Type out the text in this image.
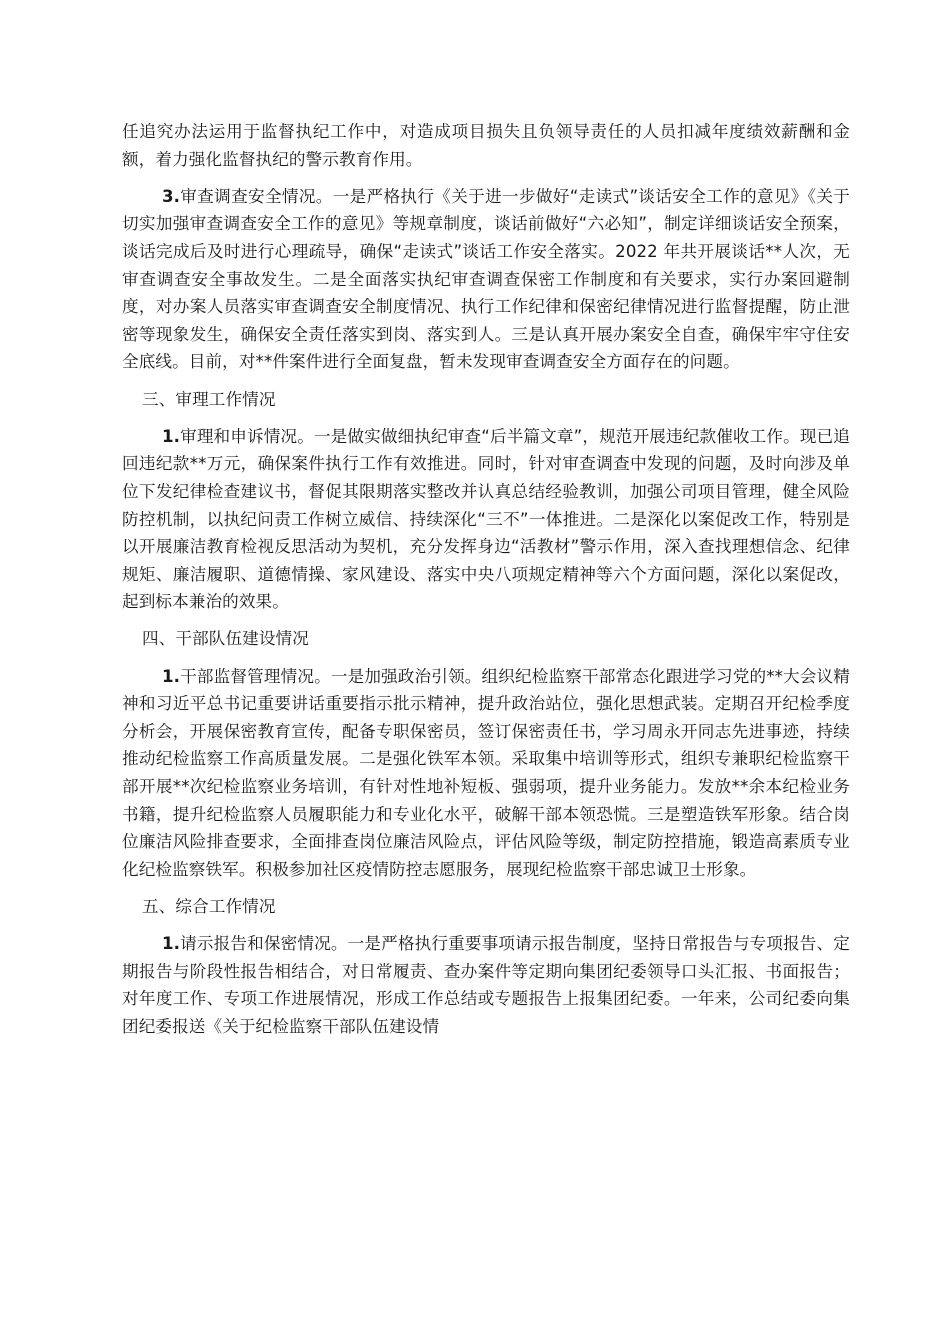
任追究办法运用于监督执纪工作中，对造成项目损失且负领导责任的人员扣减年度绩效薪酬和金额，着力强化监督执纪的警示教育作用。

3.审查调查安全情况。一是严格执行《关于进一步做好“走读式”谈话安全工作的意见》《关于切实加强审查调查安全工作的意见》等规章制度，谈话前做好“六必知”，制定详细谈话安全预案，谈话完成后及时进行心理疏导，确保“走读式”谈话工作安全落实。2022 年共开展谈话**人次，无审查调查安全事故发生。二是全面落实执纪审查调查保密工作制度和有关要求，实行办案回避制度，对办案人员落实审查调查安全制度情况、执行工作纪律和保密纪律情况进行监督提醒，防止泄密等现象发生，确保安全责任落实到岗、落实到人。三是认真开展办案安全自查，确保牢牢守住安全底线。目前，对**件案件进行全面复盘，暂未发现审查调查安全方面存在的问题。

三、审理工作情况

1.审理和申诉情况。一是做实做细执纪审查“后半篇文章”，规范开展违纪款催收工作。现已追回违纪款**万元，确保案件执行工作有效推进。同时，针对审查调查中发现的问题，及时向涉及单位下发纪律检查建议书，督促其限期落实整改并认真总结经验教训，加强公司项目管理，健全风险防控机制，以执纪问责工作树立威信、持续深化“三不”一体推进。二是深化以案促改工作，特别是以开展廉洁教育检视反思活动为契机，充分发挥身边“活教材”警示作用，深入查找理想信念、纪律规矩、廉洁履职、道德情操、家风建设、落实中央八项规定精神等六个方面问题，深化以案促改，起到标本兼治的效果。

四、干部队伍建设情况

1.干部监督管理情况。一是加强政治引领。组织纪检监察干部常态化跟进学习党的**大会议精神和习近平总书记重要讲话重要指示批示精神，提升政治站位，强化思想武装。定期召开纪检季度分析会，开展保密教育宣传，配备专职保密员，签订保密责任书，学习周永开同志先进事迹，持续推动纪检监察工作高质量发展。二是强化铁军本领。采取集中培训等形式，组织专兼职纪检监察干部开展**次纪检监察业务培训，有针对性地补短板、强弱项，提升业务能力。发放**余本纪检业务书籍，提升纪检监察人员履职能力和专业化水平，破解干部本领恐慌。三是塑造铁军形象。结合岗位廉洁风险排查要求，全面排查岗位廉洁风险点，评估风险等级，制定防控措施，锻造高素质专业化纪检监察铁军。积极参加社区疫情防控志愿服务，展现纪检监察干部忠诚卫士形象。

五、综合工作情况

1.请示报告和保密情况。一是严格执行重要事项请示报告制度，坚持日常报告与专项报告、定期报告与阶段性报告相结合，对日常履责、查办案件等定期向集团纪委领导口头汇报、书面报告；对年度工作、专项工作进展情况，形成工作总结或专题报告上报集团纪委。一年来，公司纪委向集团纪委报送《关于纪检监察干部队伍建设情
